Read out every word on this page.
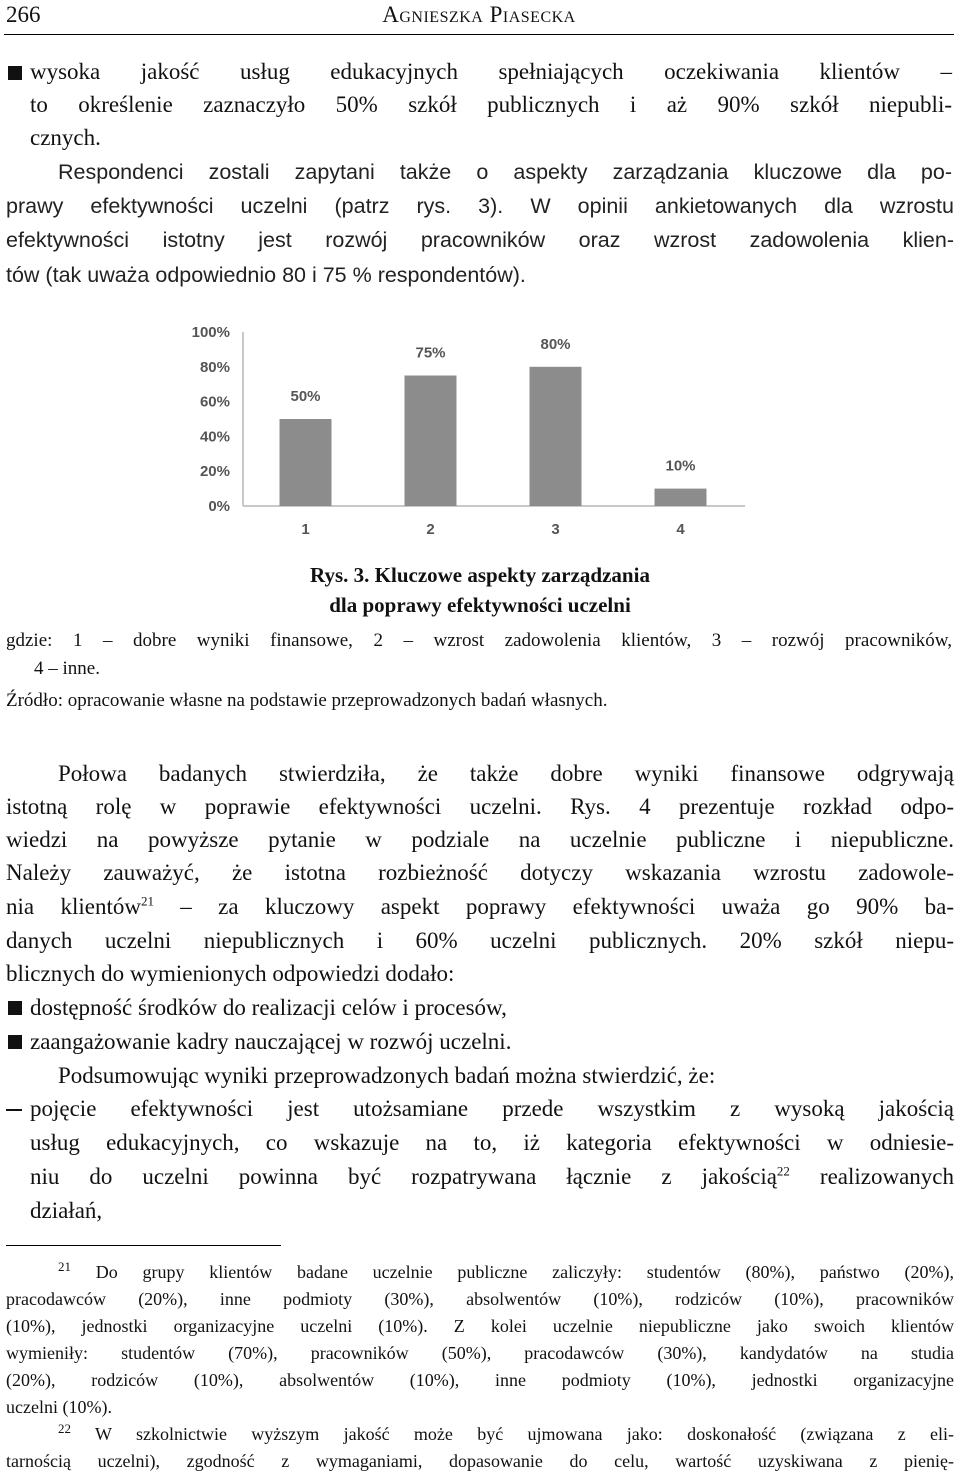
266	Agnieszka Piasecka
wysoka jakość usług edukacyjnych spełniających oczekiwania klientów –
to określenie zaznaczyło 50% szkół publicznych i aż 90% szkół niepubli-
cznych.
Respondenci zostali zapytani także o aspekty zarządzania kluczowe dla po-
prawy efektywności uczelni (patrz rys. 3). W opinii ankietowanych dla wzrostu
efektywności istotny jest rozwój pracowników oraz wzrost zadowolenia klien-
tów (tak uważa odpowiednio 80 i 75 % respondentów).
50%
75%
80%
10%
0%
20%
40%
60%
80%
100%
1	2	3	4
Rys. 3. Kluczowe aspekty zarządzania
dla poprawy efektywności uczelni
gdzie: 1 – dobre wyniki finansowe, 2 – wzrost zadowolenia klientów, 3 – rozwój pracowników,
4 – inne.
Źródło: opracowanie własne na podstawie przeprowadzonych badań własnych.
Połowa badanych stwierdziła, że także dobre wyniki finansowe odgrywają
istotną rolę w poprawie efektywności uczelni. Rys. 4 prezentuje rozkład odpo-
wiedzi na powyższe pytanie w podziale na uczelnie publiczne i niepubliczne.
Należy zauważyć, że istotna rozbieżność dotyczy wskazania wzrostu zadowole-
nia klientów$^{21}$ – za kluczowy aspekt poprawy efektywności uważa go 90% ba-
danych uczelni niepublicznych i 60% uczelni publicznych. 20% szkół niepu-
blicznych do wymienionych odpowiedzi dodało:
dostępność środków do realizacji celów i procesów,
zaangażowanie kadry nauczającej w rozwój uczelni.
Podsumowując wyniki przeprowadzonych badań można stwierdzić, że:
pojęcie efektywności jest utożsamiane przede wszystkim z wysoką jakością
usług edukacyjnych, co wskazuje na to, iż kategoria efektywności w odniesie-
niu do uczelni powinna być rozpatrywana łącznie z jakością$^{22}$ realizowanych
działań,
$^{21}$ Do grupy klientów badane uczelnie publiczne zaliczyły: studentów (80%), państwo (20%),
pracodawców (20%), inne podmioty (30%), absolwentów (10%), rodziców (10%), pracowników
(10%), jednostki organizacyjne uczelni (10%). Z kolei uczelnie niepubliczne jako swoich klientów
wymieniły: studentów (70%), pracowników (50%), pracodawców (30%), kandydatów na studia
(20%), rodziców (10%), absolwentów (10%), inne podmioty (10%), jednostki organizacyjne
uczelni (10%).
$^{22}$ W szkolnictwie wyższym jakość może być ujmowana jako: doskonałość (związana z eli-
tarnością uczelni), zgodność z wymaganiami, dopasowanie do celu, wartość uzyskiwana z pienię-
